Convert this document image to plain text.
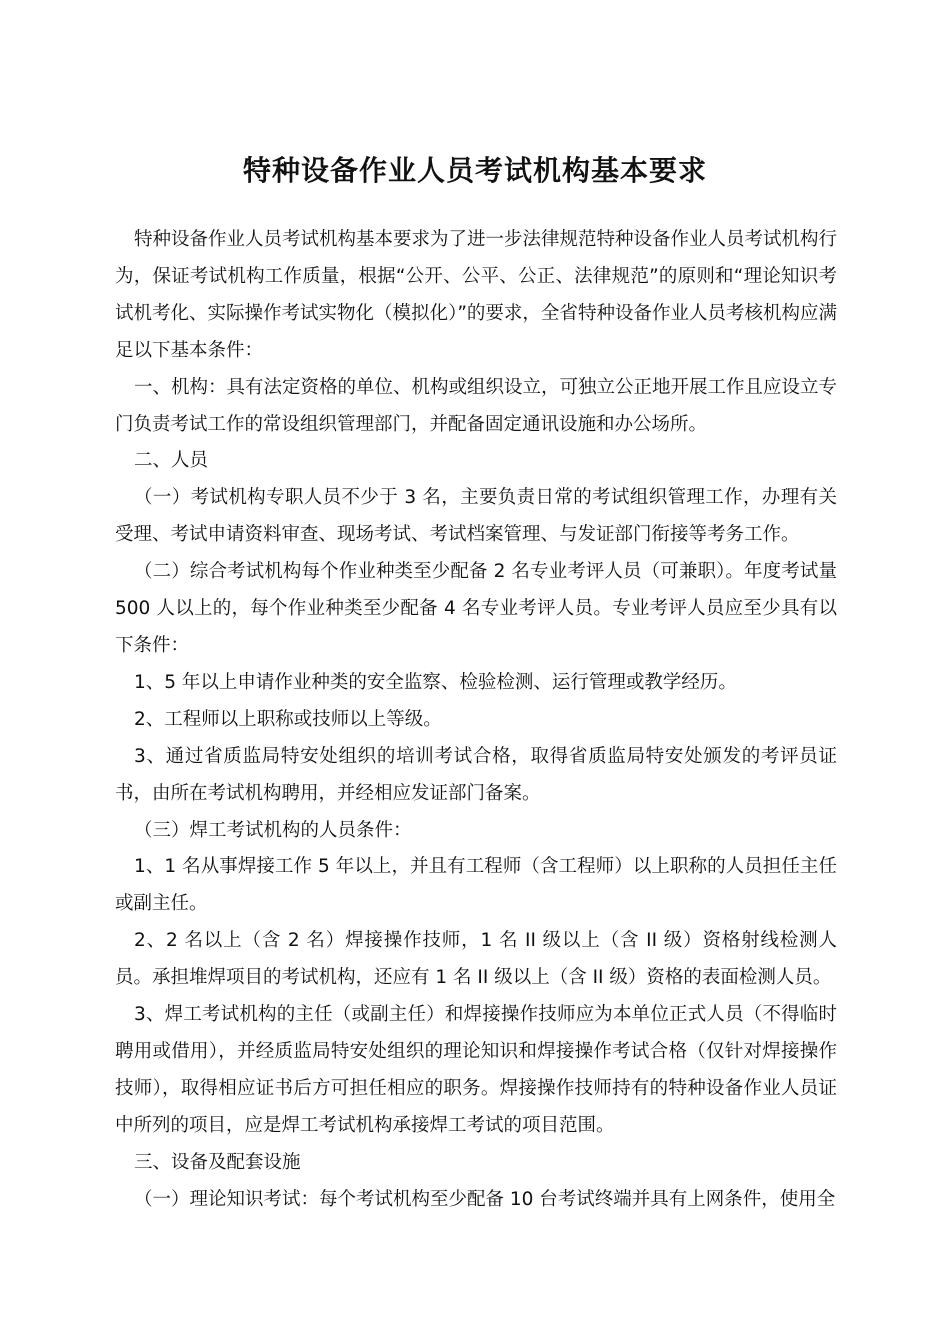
特种设备作业人员考试机构基本要求

特种设备作业人员考试机构基本要求为了进一步法律规范特种设备作业人员考试机构行为，保证考试机构工作质量，根据“公开、公平、公正、法律规范”的原则和“理论知识考试机考化、实际操作考试实物化（模拟化）”的要求，全省特种设备作业人员考核机构应满足以下基本条件：

一、机构：具有法定资格的单位、机构或组织设立，可独立公正地开展工作且应设立专门负责考试工作的常设组织管理部门，并配备固定通讯设施和办公场所。

二、人员

（一）考试机构专职人员不少于 3 名，主要负责日常的考试组织管理工作，办理有关受理、考试申请资料审查、现场考试、考试档案管理、与发证部门衔接等考务工作。

（二）综合考试机构每个作业种类至少配备 2 名专业考评人员（可兼职）。年度考试量 500 人以上的，每个作业种类至少配备 4 名专业考评人员。专业考评人员应至少具有以下条件：

1、5 年以上申请作业种类的安全监察、检验检测、运行管理或教学经历。

2、工程师以上职称或技师以上等级。

3、通过省质监局特安处组织的培训考试合格，取得省质监局特安处颁发的考评员证书，由所在考试机构聘用，并经相应发证部门备案。

（三）焊工考试机构的人员条件：

1、1 名从事焊接工作 5 年以上，并且有工程师（含工程师）以上职称的人员担任主任或副主任。

2、2 名以上（含 2 名）焊接操作技师，1 名 II 级以上（含 II 级）资格射线检测人员。承担堆焊项目的考试机构，还应有 1 名 II 级以上（含 II 级）资格的表面检测人员。

3、焊工考试机构的主任（或副主任）和焊接操作技师应为本单位正式人员（不得临时聘用或借用），并经质监局特安处组织的理论知识和焊接操作考试合格（仅针对焊接操作技师），取得相应证书后方可担任相应的职务。焊接操作技师持有的特种设备作业人员证中所列的项目，应是焊工考试机构承接焊工考试的项目范围。

三、设备及配套设施

（一）理论知识考试：每个考试机构至少配备 10 台考试终端并具有上网条件，使用全
